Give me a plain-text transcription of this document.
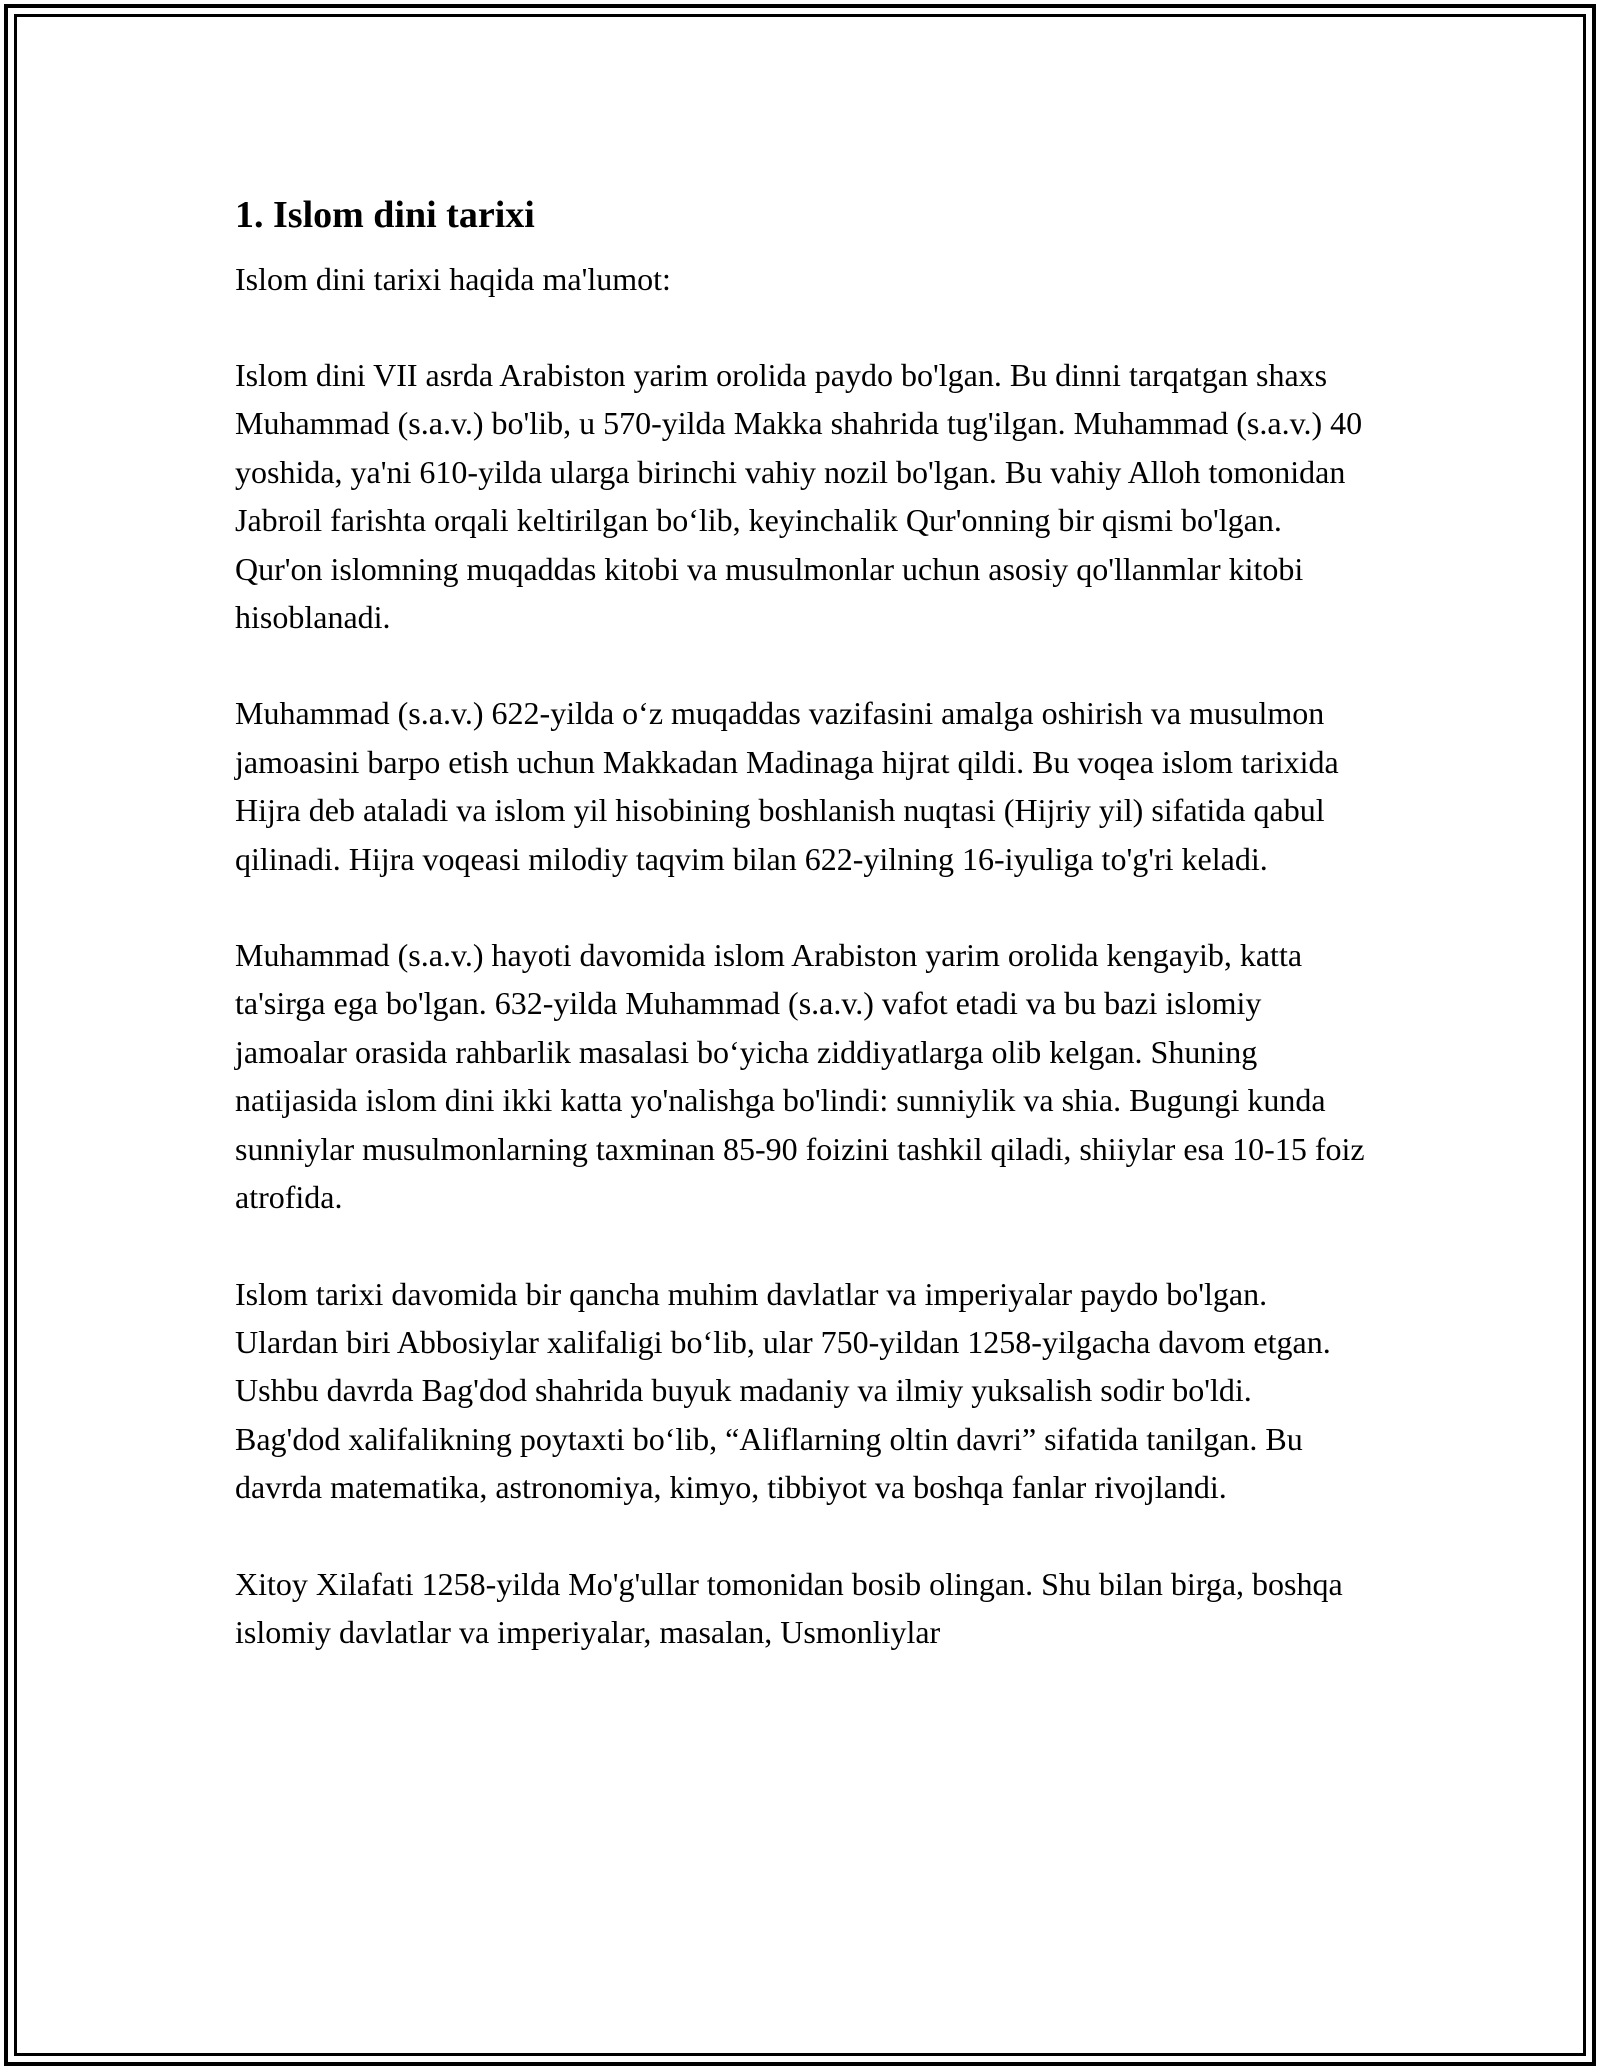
1. Islom dini tarixi

Islom dini tarixi haqida ma'lumot:

Islom dini VII asrda Arabiston yarim orolida paydo bo'lgan. Bu dinni tarqatgan shaxs Muhammad (s.a.v.) bo'lib, u 570-yilda Makka shahrida tug'ilgan. Muhammad (s.a.v.) 40 yoshida, ya'ni 610-yilda ularga birinchi vahiy nozil bo'lgan. Bu vahiy Alloh tomonidan Jabroil farishta orqali keltirilgan bo‘lib, keyinchalik Qur'onning bir qismi bo'lgan. Qur'on islomning muqaddas kitobi va musulmonlar uchun asosiy qo'llanmlar kitobi hisoblanadi.

Muhammad (s.a.v.) 622-yilda o‘z muqaddas vazifasini amalga oshirish va musulmon jamoasini barpo etish uchun Makkadan Madinaga hijrat qildi. Bu voqea islom tarixida Hijra deb ataladi va islom yil hisobining boshlanish nuqtasi (Hijriy yil) sifatida qabul qilinadi. Hijra voqeasi milodiy taqvim bilan 622-yilning 16-iyuliga to'g'ri keladi.

Muhammad (s.a.v.) hayoti davomida islom Arabiston yarim orolida kengayib, katta ta'sirga ega bo'lgan. 632-yilda Muhammad (s.a.v.) vafot etadi va bu bazi islomiy jamoalar orasida rahbarlik masalasi bo‘yicha ziddiyatlarga olib kelgan. Shuning natijasida islom dini ikki katta yo'nalishga bo'lindi: sunniylik va shia. Bugungi kunda sunniylar musulmonlarning taxminan 85-90 foizini tashkil qiladi, shiiylar esa 10-15 foiz atrofida.

Islom tarixi davomida bir qancha muhim davlatlar va imperiyalar paydo bo'lgan. Ulardan biri Abbosiylar xalifaligi bo‘lib, ular 750-yildan 1258-yilgacha davom etgan. Ushbu davrda Bag'dod shahrida buyuk madaniy va ilmiy yuksalish sodir bo'ldi. Bag'dod xalifalikning poytaxti bo‘lib, “Aliflarning oltin davri” sifatida tanilgan. Bu davrda matematika, astronomiya, kimyo, tibbiyot va boshqa fanlar rivojlandi.

Xitoy Xilafati 1258-yilda Mo'g'ullar tomonidan bosib olingan. Shu bilan birga, boshqa islomiy davlatlar va imperiyalar, masalan, Usmonliylar
